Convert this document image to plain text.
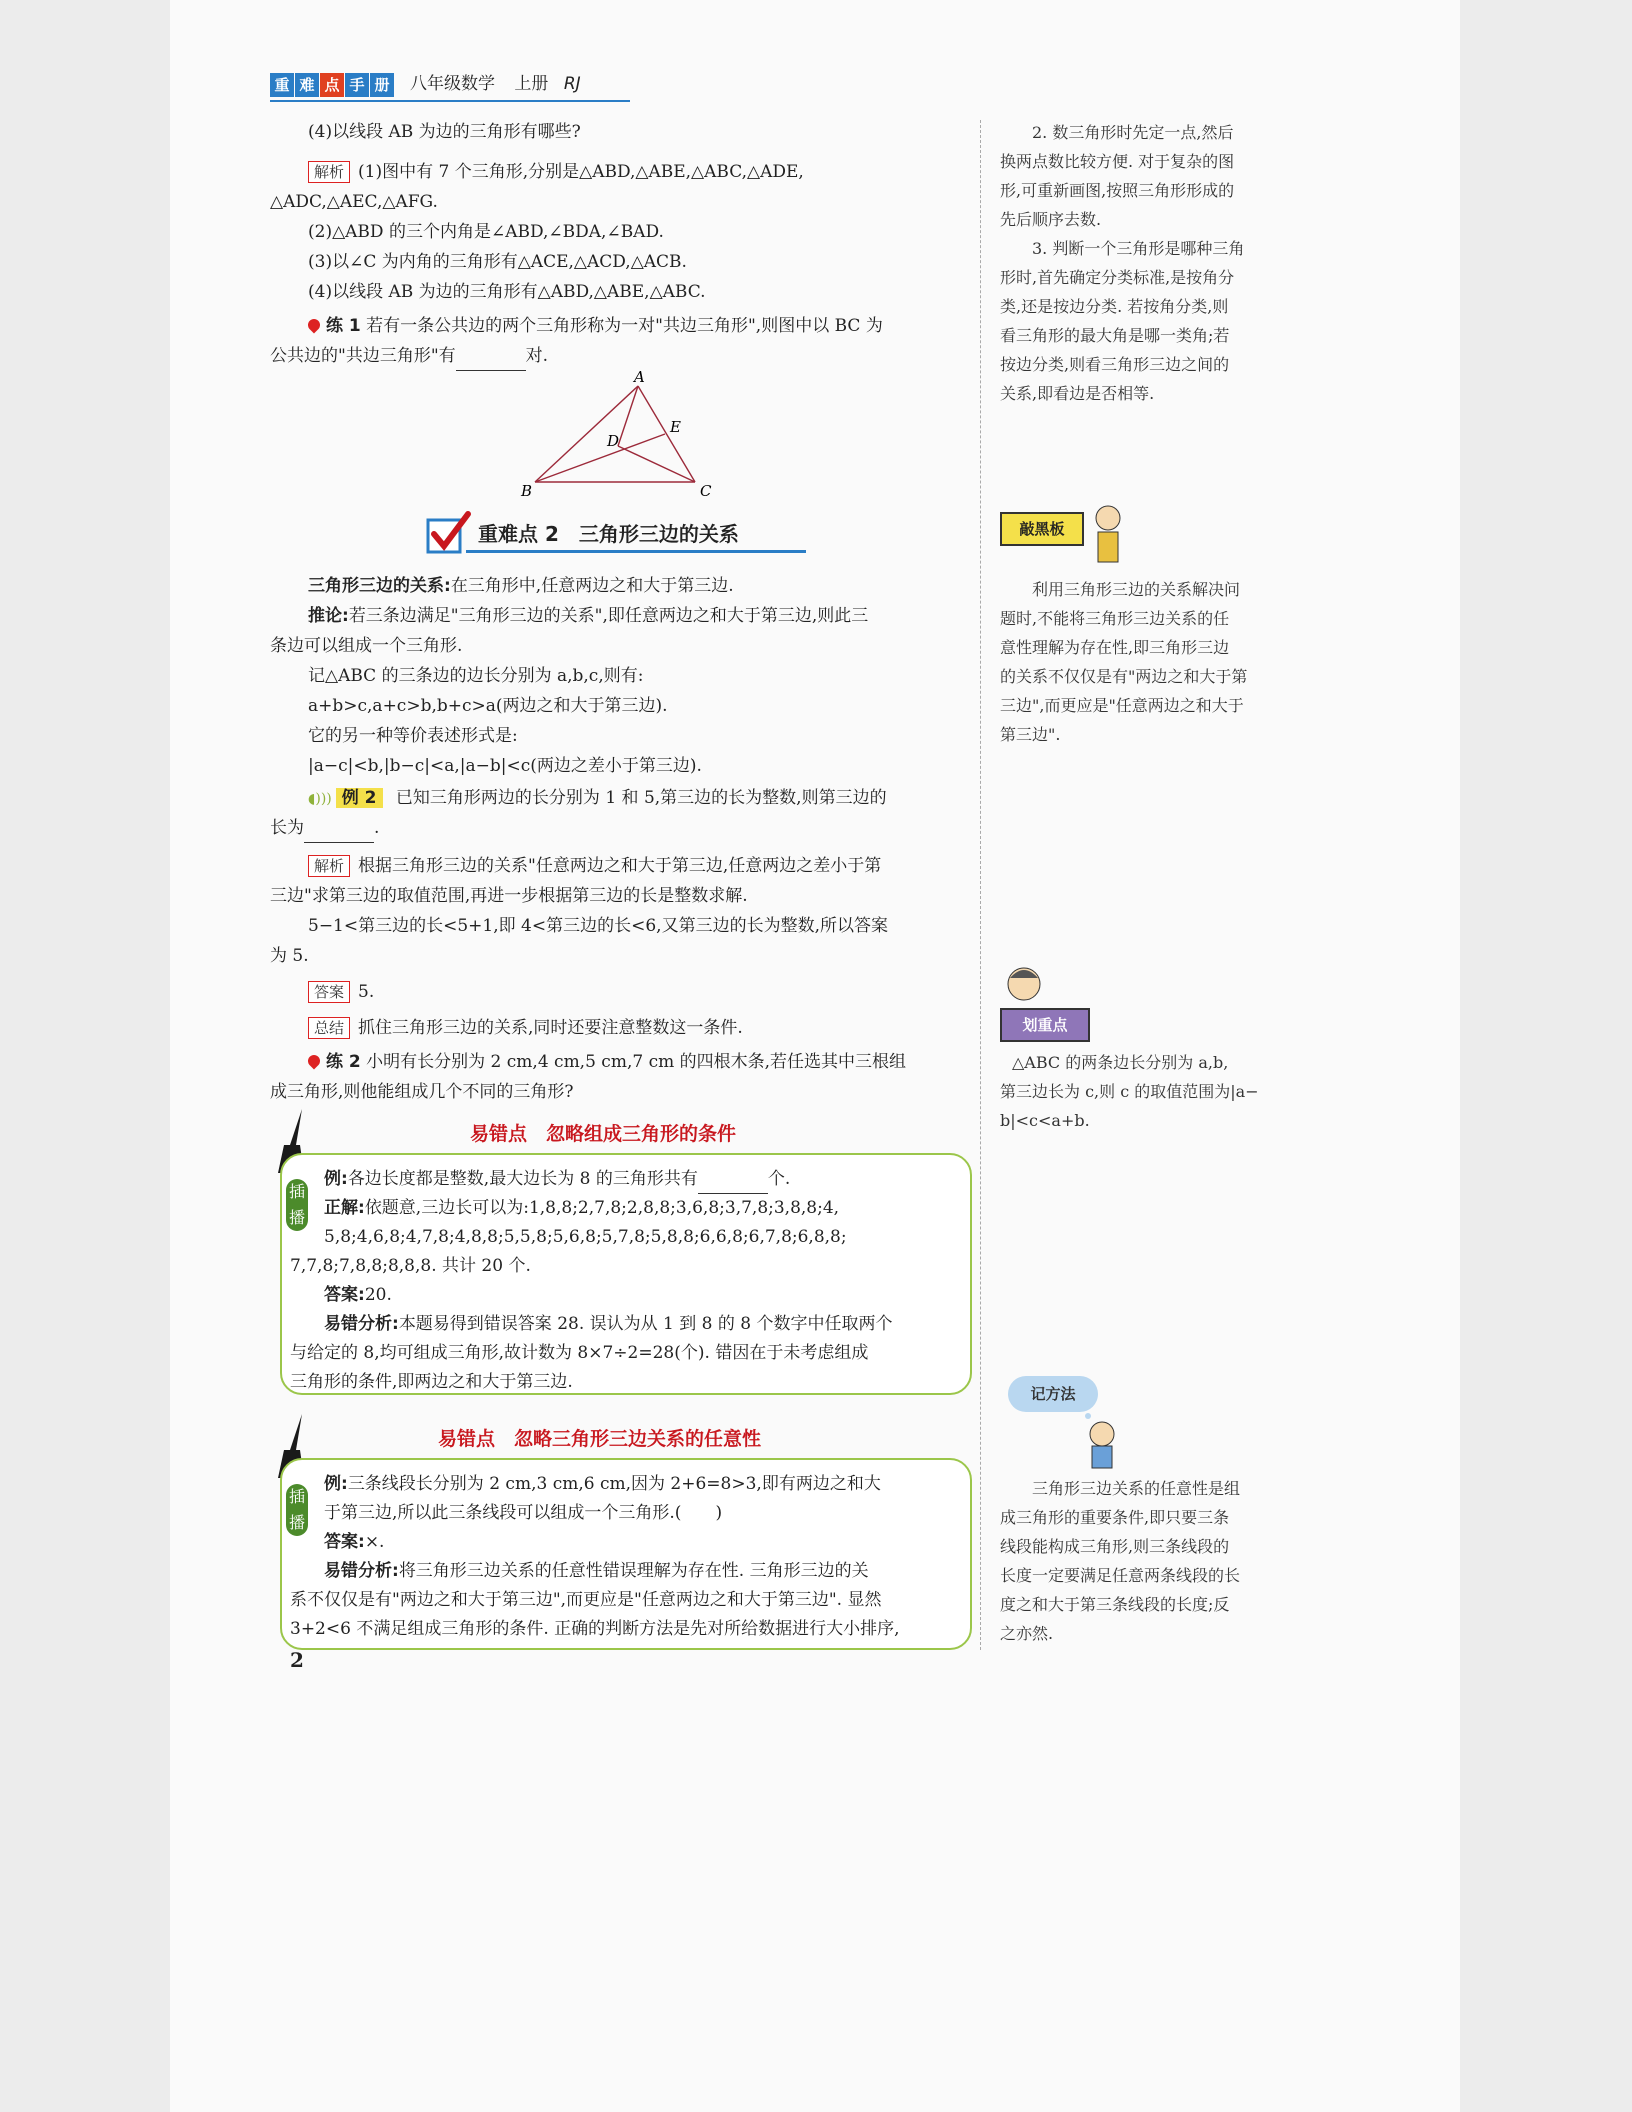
重 难 点 手 册	八年级数学 上册 RJ
(4)以线段 AB 为边的三角形有哪些?
解析 (1)图中有 7 个三角形,分别是△ABD,△ABE,△ABC,△ADE,
△ADC,△AEC,△AFG.
(2)△ABD 的三个内角是∠ABD,∠BDA,∠BAD.
(3)以∠C 为内角的三角形有△ACE,△ACD,△ACB.
(4)以线段 AB 为边的三角形有△ABD,△ABE,△ABC.
练 1 若有一条公共边的两个三角形称为一对"共边三角形",则图中以 BC 为
公共边的"共边三角形"有	对.
A
B	C
D
E
重难点 2　三角形三边的关系
三角形三边的关系:在三角形中,任意两边之和大于第三边.
推论:若三条边满足"三角形三边的关系",即任意两边之和大于第三边,则此三
条边可以组成一个三角形.
记△ABC 的三条边的边长分别为 a,b,c,则有:
a+b>c,a+c>b,b+c>a(两边之和大于第三边).
它的另一种等价表述形式是:
|a−c|<b,|b−c|<a,|a−b|<c(两边之差小于第三边).
◖))) 例 2 已知三角形两边的长分别为 1 和 5,第三边的长为整数,则第三边的
长为	.
解析 根据三角形三边的关系"任意两边之和大于第三边,任意两边之差小于第
三边"求第三边的取值范围,再进一步根据第三边的长是整数求解.
5−1<第三边的长<5+1,即 4<第三边的长<6,又第三边的长为整数,所以答案
为 5.
答案 5.
总结 抓住三角形三边的关系,同时还要注意整数这一条件.
练 2 小明有长分别为 2 cm,4 cm,5 cm,7 cm 的四根木条,若任选其中三根组
成三角形,则他能组成几个不同的三角形?
易错点　忽略组成三角形的条件
插
播
例:各边长度都是整数,最大边长为 8 的三角形共有	个.
正解:依题意,三边长可以为:1,8,8;2,7,8;2,8,8;3,6,8;3,7,8;3,8,8;4,
5,8;4,6,8;4,7,8;4,8,8;5,5,8;5,6,8;5,7,8;5,8,8;6,6,8;6,7,8;6,8,8;
7,7,8;7,8,8;8,8,8. 共计 20 个.
答案:20.
易错分析:本题易得到错误答案 28. 误认为从 1 到 8 的 8 个数字中任取两个
与给定的 8,均可组成三角形,故计数为 8×7÷2=28(个). 错因在于未考虑组成
三角形的条件,即两边之和大于第三边.
易错点　忽略三角形三边关系的任意性
插
播
例:三条线段长分别为 2 cm,3 cm,6 cm,因为 2+6=8>3,即有两边之和大
于第三边,所以此三条线段可以组成一个三角形.(　　)
答案:×.
易错分析:将三角形三边关系的任意性错误理解为存在性. 三角形三边的关
系不仅仅是有"两边之和大于第三边",而更应是"任意两边之和大于第三边". 显然
3+2<6 不满足组成三角形的条件. 正确的判断方法是先对所给数据进行大小排序,
2
2. 数三角形时先定一点,然后
换两点数比较方便. 对于复杂的图
形,可重新画图,按照三角形形成的
先后顺序去数.
3. 判断一个三角形是哪种三角
形时,首先确定分类标准,是按角分
类,还是按边分类. 若按角分类,则
看三角形的最大角是哪一类角;若
按边分类,则看三角形三边之间的
关系,即看边是否相等.
敲黑板
利用三角形三边的关系解决问
题时,不能将三角形三边关系的任
意性理解为存在性,即三角形三边
的关系不仅仅是有"两边之和大于第
三边",而更应是"任意两边之和大于
第三边".
划重点
△ABC 的两条边长分别为 a,b,
第三边长为 c,则 c 的取值范围为|a−
b|<c<a+b.
记方法
三角形三边关系的任意性是组
成三角形的重要条件,即只要三条
线段能构成三角形,则三条线段的
长度一定要满足任意两条线段的长
度之和大于第三条线段的长度;反
之亦然.
